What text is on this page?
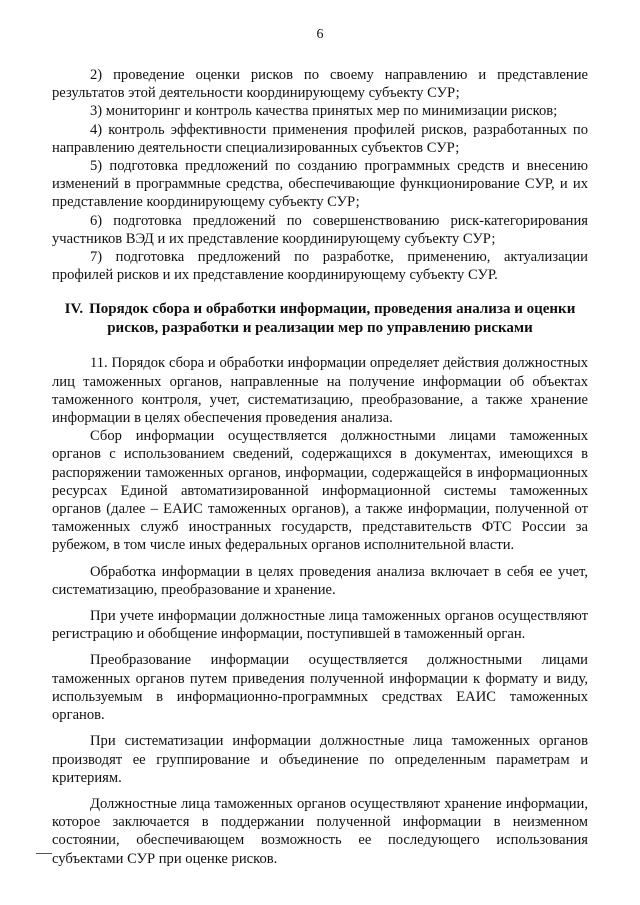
6

2) проведение оценки рисков по своему направлению и представление результатов этой деятельности координирующему субъекту СУР;

3) мониторинг и контроль качества принятых мер по минимизации рисков;

4) контроль эффективности применения профилей рисков, разработанных по направлению деятельности специализированных субъектов СУР;

5) подготовка предложений по созданию программных средств и внесению изменений в программные средства, обеспечивающие функционирование СУР, и их представление координирующему субъекту СУР;

6) подготовка предложений по совершенствованию риск-категорирования участников ВЭД и их представление координирующему субъекту СУР;

7) подготовка предложений по разработке, применению, актуализации профилей рисков и их представление координирующему субъекту СУР.

IV. Порядок сбора и обработки информации, проведения анализа и оценки рисков, разработки и реализации мер по управлению рисками

11. Порядок сбора и обработки информации определяет действия должностных лиц таможенных органов, направленные на получение информации об объектах таможенного контроля, учет, систематизацию, преобразование, а также хранение информации в целях обеспечения проведения анализа.

Сбор информации осуществляется должностными лицами таможенных органов с использованием сведений, содержащихся в документах, имеющихся в распоряжении таможенных органов, информации, содержащейся в информационных ресурсах Единой автоматизированной информационной системы таможенных органов (далее – ЕАИС таможенных органов), а также информации, полученной от таможенных служб иностранных государств, представительств ФТС России за рубежом, в том числе иных федеральных органов исполнительной власти.

Обработка информации в целях проведения анализа включает в себя ее учет, систематизацию, преобразование и хранение.

При учете информации должностные лица таможенных органов осуществляют регистрацию и обобщение информации, поступившей в таможенный орган.

Преобразование информации осуществляется должностными лицами таможенных органов путем приведения полученной информации к формату и виду, используемым в информационно-программных средствах ЕАИС таможенных органов.

При систематизации информации должностные лица таможенных органов производят ее группирование и объединение по определенным параметрам и критериям.

Должностные лица таможенных органов осуществляют хранение информации, которое заключается в поддержании полученной информации в неизменном состоянии, обеспечивающем возможность ее последующего использования субъектами СУР при оценке рисков.
